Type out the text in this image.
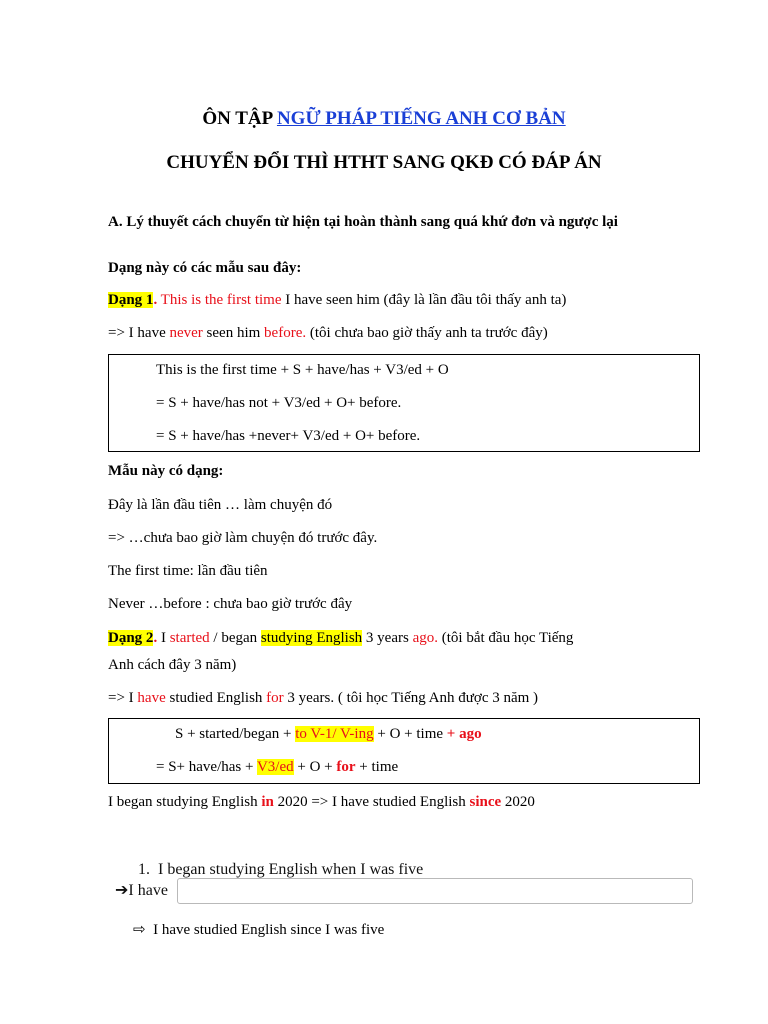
ÔN TẬP NGỮ PHÁP TIẾNG ANH CƠ BẢN
CHUYỂN ĐỔI THÌ HTHT SANG QKĐ CÓ ĐÁP ÁN
A. Lý thuyết cách chuyển từ hiện tại hoàn thành sang quá khứ đơn và ngược lại
Dạng này có các mẫu sau đây:
Dạng 1. This is the first time I have seen him (đây là lần đầu tôi thấy anh ta)
=> I have never seen him before. (tôi chưa bao giờ thấy anh ta trước đây)
This is the first time + S + have/has + V3/ed + O
= S + have/has not + V3/ed + O+ before.
= S + have/has +never+ V3/ed + O+ before.
Mẫu này có dạng:
Đây là lần đầu tiên … làm chuyện đó
=> …chưa bao giờ làm chuyện đó trước đây.
The first time: lần đầu tiên
Never …before : chưa bao giờ trước đây
Dạng 2. I started / began studying English 3 years ago. (tôi bắt đầu học Tiếng
Anh cách đây 3 năm)
=> I have studied English for 3 years. ( tôi học Tiếng Anh được 3 năm )
S + started/began + to V-1/ V-ing + O + time + ago
= S+ have/has + V3/ed + O + for + time
I began studying English in 2020 => I have studied English since 2020
1. I began studying English when I was five
➔I have
⇨ I have studied English since I was five
